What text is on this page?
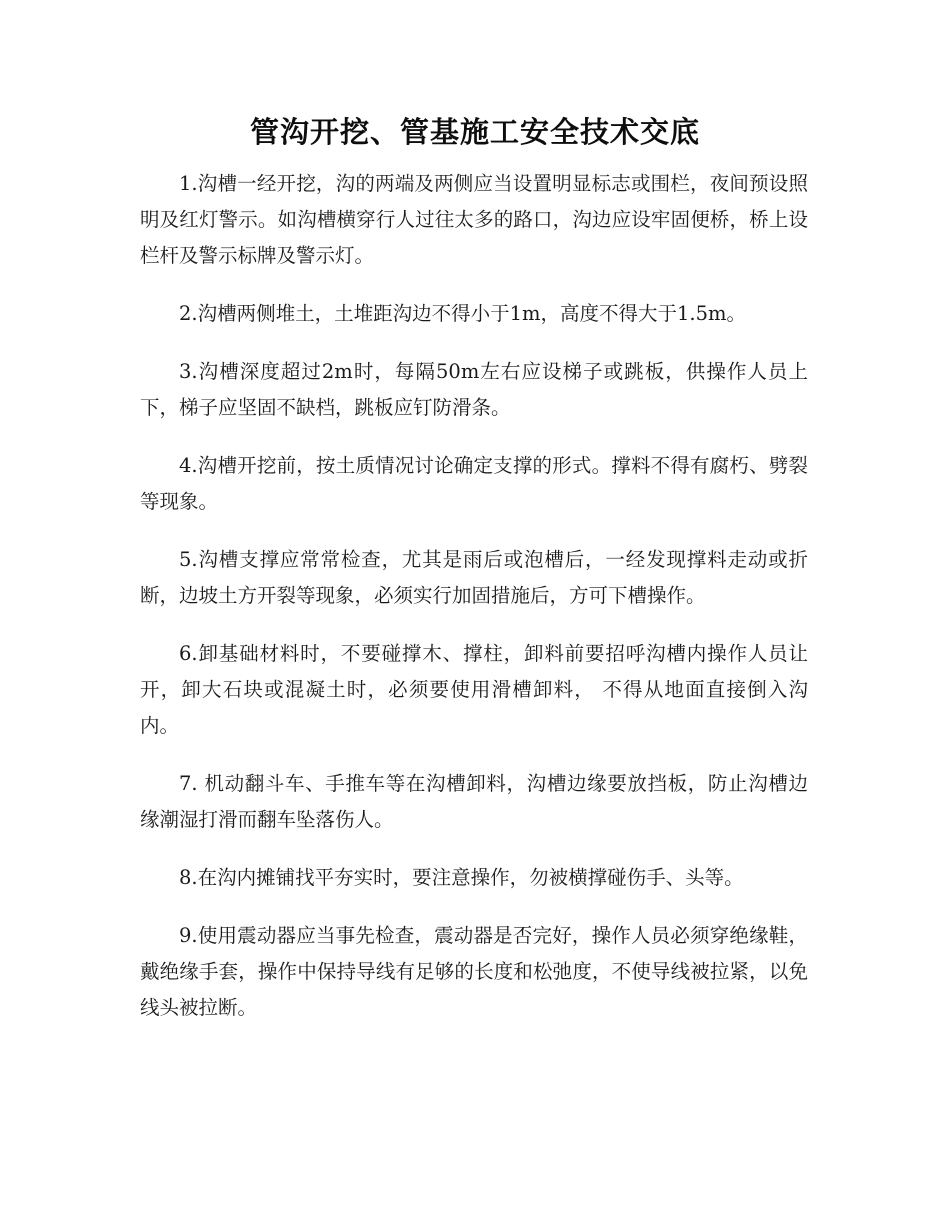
管沟开挖、管基施工安全技术交底

1.沟槽一经开挖，沟的两端及两侧应当设置明显标志或围栏，夜间预设照明及红灯警示。如沟槽横穿行人过往太多的路口，沟边应设牢固便桥，桥上设栏杆及警示标牌及警示灯。

2.沟槽两侧堆土，土堆距沟边不得小于1m，高度不得大于1.5m。

3.沟槽深度超过2m时，每隔50m左右应设梯子或跳板，供操作人员上下，梯子应坚固不缺档，跳板应钉防滑条。

4.沟槽开挖前，按土质情况讨论确定支撑的形式。撑料不得有腐朽、劈裂等现象。

5.沟槽支撑应常常检查，尤其是雨后或泡槽后，一经发现撑料走动或折断，边坡土方开裂等现象，必须实行加固措施后，方可下槽操作。

6.卸基础材料时，不要碰撑木、撑柱，卸料前要招呼沟槽内操作人员让开，卸大石块或混凝土时，必须要使用滑槽卸料， 不得从地面直接倒入沟内。

7. 机动翻斗车、手推车等在沟槽卸料，沟槽边缘要放挡板，防止沟槽边缘潮湿打滑而翻车坠落伤人。

8.在沟内摊铺找平夯实时，要注意操作，勿被横撑碰伤手、头等。

9.使用震动器应当事先检查，震动器是否完好，操作人员必须穿绝缘鞋，戴绝缘手套，操作中保持导线有足够的长度和松弛度，不使导线被拉紧，以免线头被拉断。
